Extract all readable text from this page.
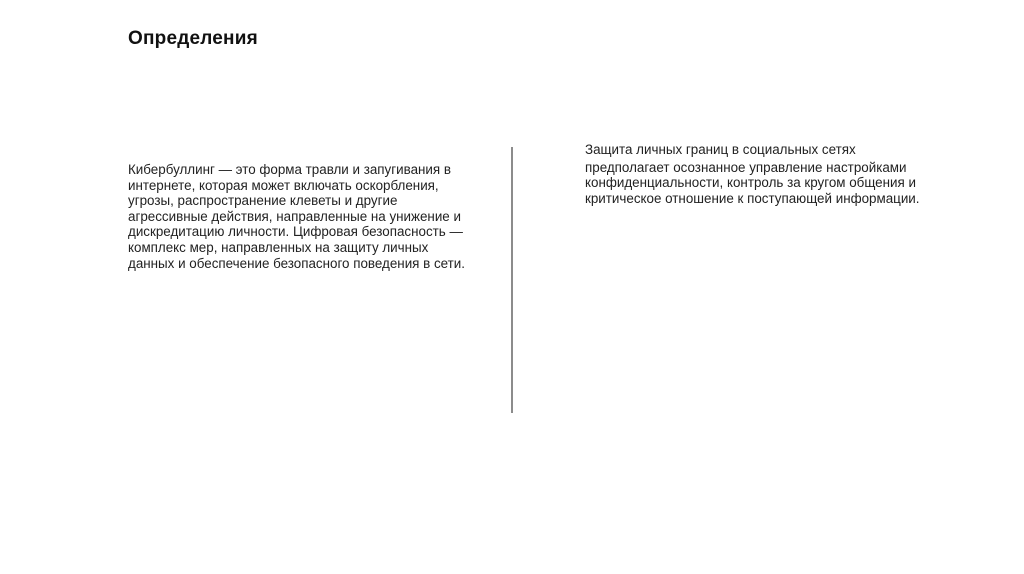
Определения
Кибербуллинг — это форма травли и запугивания в интернете, которая может включать оскорбления, угрозы, распространение клеветы и другие агрессивные действия, направленные на унижение и дискредитацию личности. Цифровая безопасность — комплекс мер, направленных на защиту личных данных и обеспечение безопасного поведения в сети.

Защита личных границ в социальных сетях

предполагает осознанное управление настройками конфиденциальности, контроль за кругом общения и критическое отношение к поступающей информации.
